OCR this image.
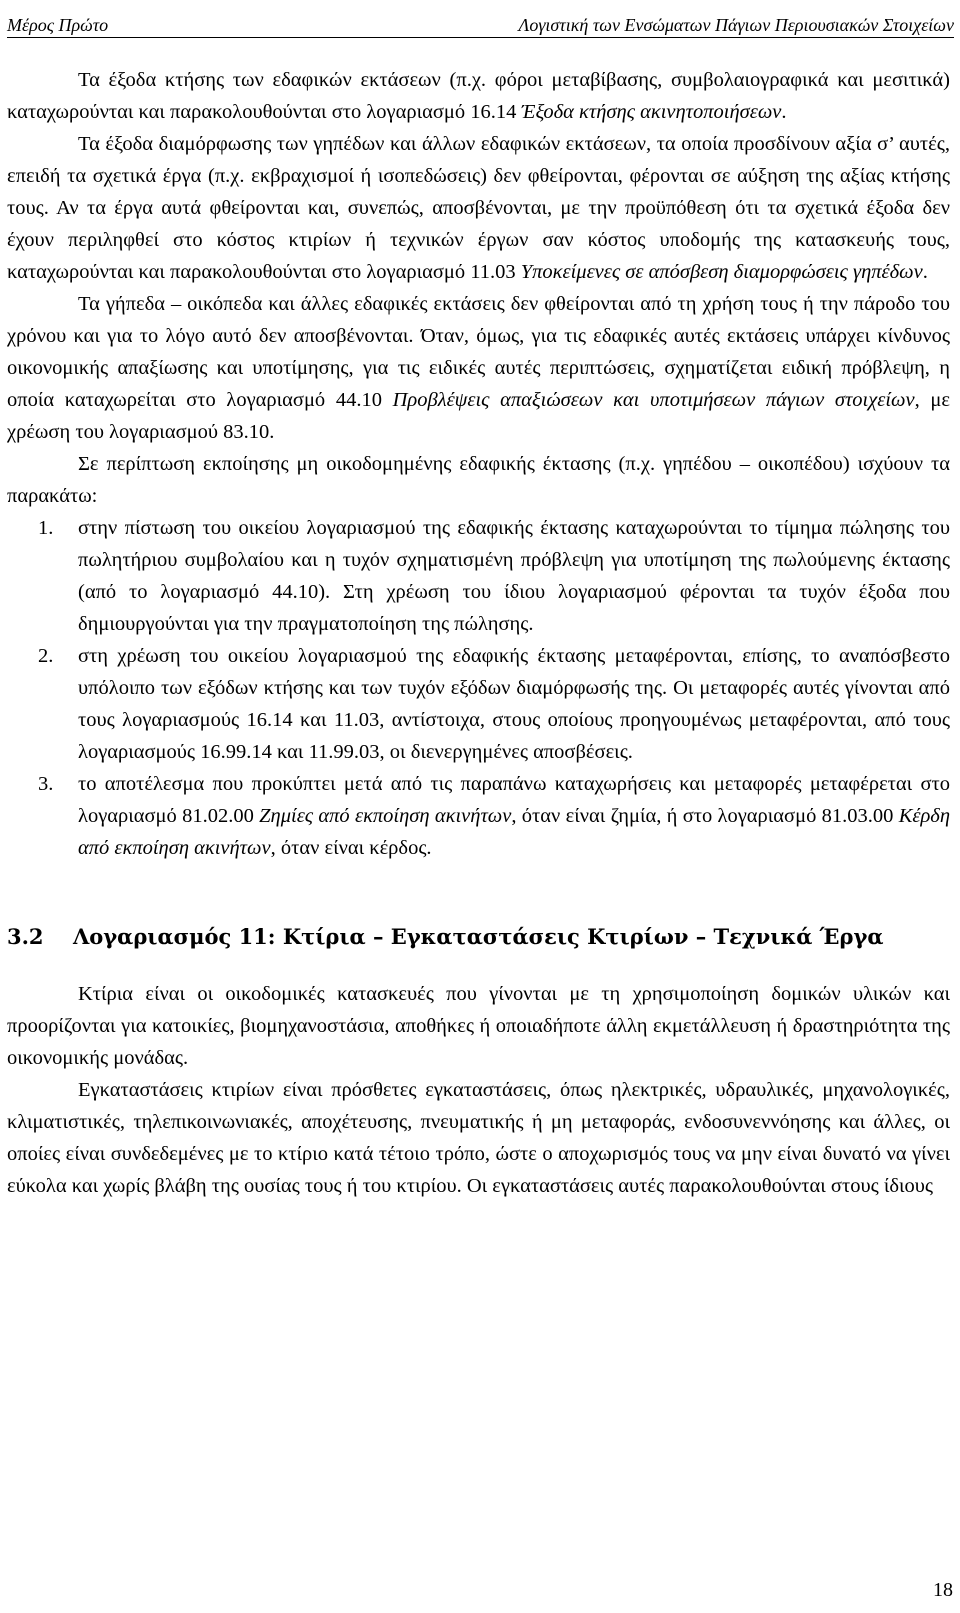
Μέρος Πρώτο	Λογιστική των Ενσώματων Πάγιων Περιουσιακών Στοιχείων

Τα έξοδα κτήσης των εδαφικών εκτάσεων (π.χ. φόροι μεταβίβασης, συμβολαιογραφικά και μεσιτικά) καταχωρούνται και παρακολουθούνται στο λογαριασμό 16.14 Έξοδα κτήσης ακινητοποιήσεων.

Τα έξοδα διαμόρφωσης των γηπέδων και άλλων εδαφικών εκτάσεων, τα οποία προσδίνουν αξία σ’ αυτές, επειδή τα σχετικά έργα (π.χ. εκβραχισμοί ή ισοπεδώσεις) δεν φθείρονται, φέρονται σε αύξηση της αξίας κτήσης τους. Αν τα έργα αυτά φθείρονται και, συνεπώς, αποσβένονται, με την προϋπόθεση ότι τα σχετικά έξοδα δεν έχουν περιληφθεί στο κόστος κτιρίων ή τεχνικών έργων σαν κόστος υποδομής της κατασκευής τους, καταχωρούνται και παρακολουθούνται στο λογαριασμό 11.03 Υποκείμενες σε απόσβεση διαμορφώσεις γηπέδων.

Τα γήπεδα – οικόπεδα και άλλες εδαφικές εκτάσεις δεν φθείρονται από τη χρήση τους ή την πάροδο του χρόνου και για το λόγο αυτό δεν αποσβένονται. Όταν, όμως, για τις εδαφικές αυτές εκτάσεις υπάρχει κίνδυνος οικονομικής απαξίωσης και υποτίμησης, για τις ειδικές αυτές περιπτώσεις, σχηματίζεται ειδική πρόβλεψη, η οποία καταχωρείται στο λογαριασμό 44.10 Προβλέψεις απαξιώσεων και υποτιμήσεων πάγιων στοιχείων, με χρέωση του λογαριασμού 83.10.

Σε περίπτωση εκποίησης μη οικοδομημένης εδαφικής έκτασης (π.χ. γηπέδου – οικοπέδου) ισχύουν τα παρακάτω:

1. στην πίστωση του οικείου λογαριασμού της εδαφικής έκτασης καταχωρούνται το τίμημα πώλησης του πωλητήριου συμβολαίου και η τυχόν σχηματισμένη πρόβλεψη για υποτίμηση της πωλούμενης έκτασης (από το λογαριασμό 44.10). Στη χρέωση του ίδιου λογαριασμού φέρονται τα τυχόν έξοδα που δημιουργούνται για την πραγματοποίηση της πώλησης.
2. στη χρέωση του οικείου λογαριασμού της εδαφικής έκτασης μεταφέρονται, επίσης, το αναπόσβεστο υπόλοιπο των εξόδων κτήσης και των τυχόν εξόδων διαμόρφωσής της. Οι μεταφορές αυτές γίνονται από τους λογαριασμούς 16.14 και 11.03, αντίστοιχα, στους οποίους προηγουμένως μεταφέρονται, από τους λογαριασμούς 16.99.14 και 11.99.03, οι διενεργημένες αποσβέσεις.
3. το αποτέλεσμα που προκύπτει μετά από τις παραπάνω καταχωρήσεις και μεταφορές μεταφέρεται στο λογαριασμό 81.02.00 Ζημίες από εκποίηση ακινήτων, όταν είναι ζημία, ή στο λογαριασμό 81.03.00 Κέρδη από εκποίηση ακινήτων, όταν είναι κέρδος.
3.2 Λογαριασμός 11: Κτίρια – Εγκαταστάσεις Κτιρίων – Τεχνικά Έργα

Κτίρια είναι οι οικοδομικές κατασκευές που γίνονται με τη χρησιμοποίηση δομικών υλικών και προορίζονται για κατοικίες, βιομηχανοστάσια, αποθήκες ή οποιαδήποτε άλλη εκμετάλλευση ή δραστηριότητα της οικονομικής μονάδας.

Εγκαταστάσεις κτιρίων είναι πρόσθετες εγκαταστάσεις, όπως ηλεκτρικές, υδραυλικές, μηχανολογικές, κλιματιστικές, τηλεπικοινωνιακές, αποχέτευσης, πνευματικής ή μη μεταφοράς, ενδοσυνεννόησης και άλλες, οι οποίες είναι συνδεδεμένες με το κτίριο κατά τέτοιο τρόπο, ώστε ο αποχωρισμός τους να μην είναι δυνατό να γίνει εύκολα και χωρίς βλάβη της ουσίας τους ή του κτιρίου. Οι εγκαταστάσεις αυτές παρακολουθούνται στους ίδιους

18
